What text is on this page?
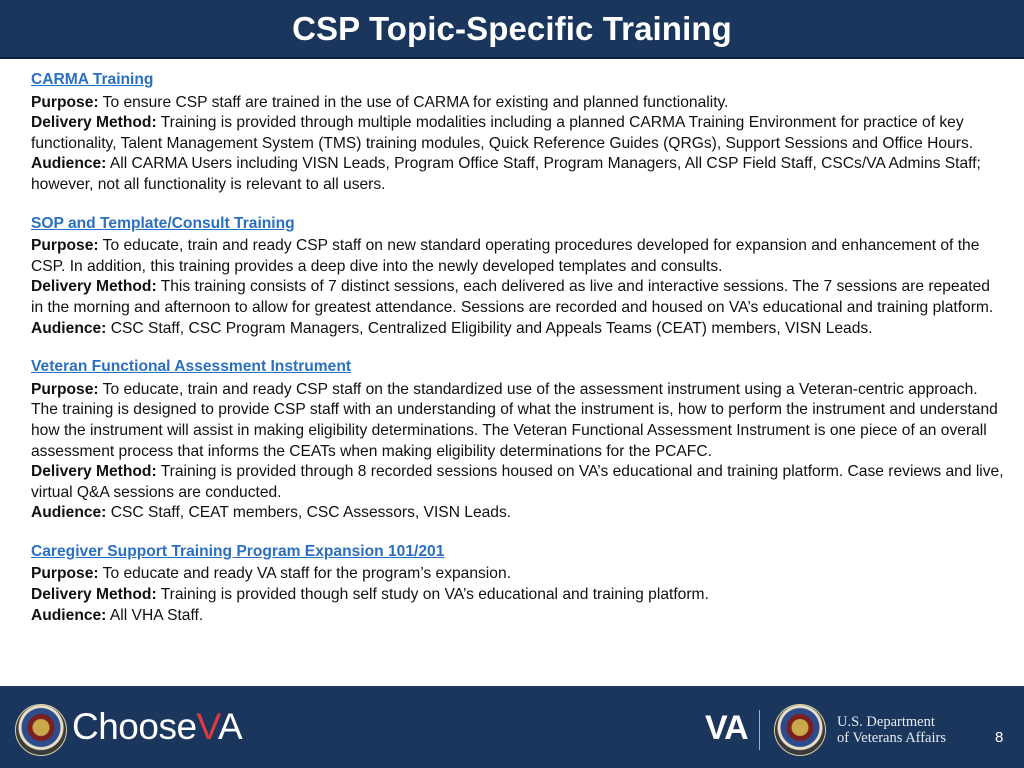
CSP Topic-Specific Training
CARMA Training

Purpose: To ensure CSP staff are trained in the use of CARMA for existing and planned functionality.

Delivery Method: Training is provided through multiple modalities including a planned CARMA Training Environment for practice of key functionality, Talent Management System (TMS) training modules, Quick Reference Guides (QRGs), Support Sessions and Office Hours.

Audience: All CARMA Users including VISN Leads, Program Office Staff, Program Managers, All CSP Field Staff, CSCs/VA Admins Staff; however, not all functionality is relevant to all users.

SOP and Template/Consult Training

Purpose: To educate, train and ready CSP staff on new standard operating procedures developed for expansion and enhancement of the CSP. In addition, this training provides a deep dive into the newly developed templates and consults.

Delivery Method: This training consists of 7 distinct sessions, each delivered as live and interactive sessions. The 7 sessions are repeated in the morning and afternoon to allow for greatest attendance. Sessions are recorded and housed on VA’s educational and training platform.

Audience: CSC Staff, CSC Program Managers, Centralized Eligibility and Appeals Teams (CEAT) members, VISN Leads.

Veteran Functional Assessment Instrument

Purpose: To educate, train and ready CSP staff on the standardized use of the assessment instrument using a Veteran-centric approach. The training is designed to provide CSP staff with an understanding of what the instrument is, how to perform the instrument and understand how the instrument will assist in making eligibility determinations. The Veteran Functional Assessment Instrument is one piece of an overall assessment process that informs the CEATs when making eligibility determinations for the PCAFC.

Delivery Method: Training is provided through 8 recorded sessions housed on VA’s educational and training platform. Case reviews and live, virtual Q&A sessions are conducted.

Audience: CSC Staff, CEAT members, CSC Assessors, VISN Leads.

Caregiver Support Training Program Expansion 101/201

Purpose: To educate and ready VA staff for the program’s expansion.

Delivery Method: Training is provided though self study on VA’s educational and training platform.

Audience: All VHA Staff.

ChooseVA	VA	U.S. Department
of Veterans Affairs	8
